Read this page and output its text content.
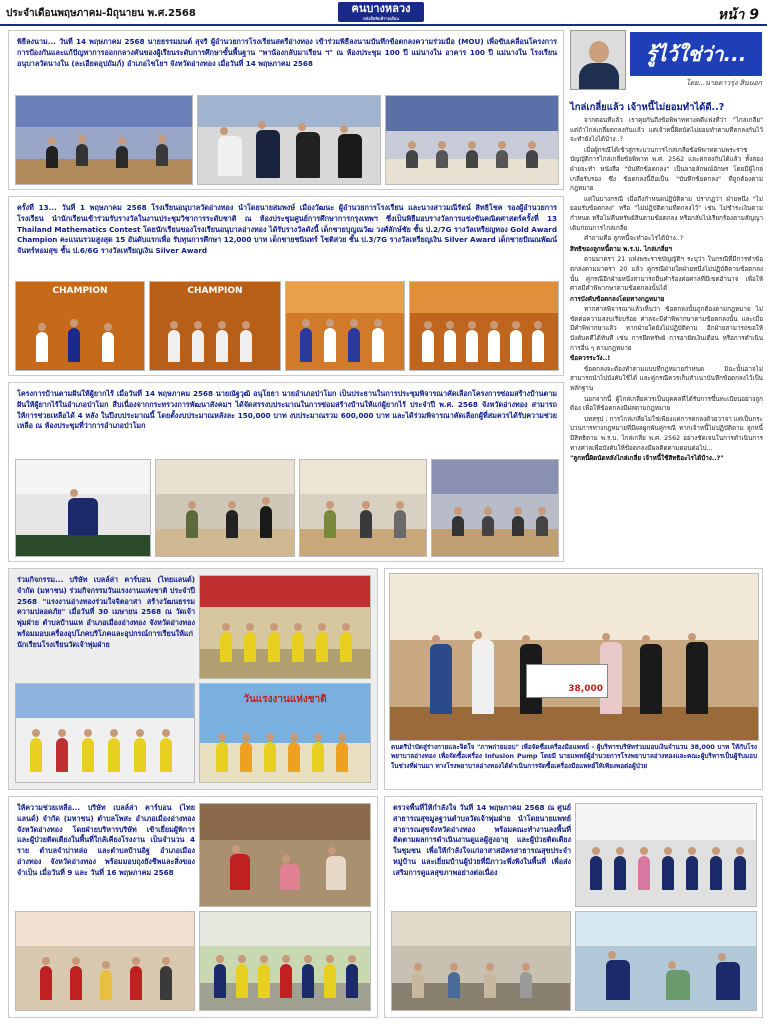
ประจำเดือนพฤษภาคม-มิถุนายน พ.ศ.2568	ฅนบางหลวง
หนังสือพิมพ์รายเดือน	หน้า 9
พิธีลงนาม... วันที่ 14 พฤษภาคม 2568 นายธรรมมนต์ สุจริ ผู้อำนวยการโรงเรียนสตรีอ่างทอง เข้าร่วมพิธีลงนามบันทึกข้อตกลงความร่วมมือ (MOU) เพื่อขับเคลื่อนโครงการการป้องกันและแก้ปัญหาการออกกลางคันของผู้เรียนระดับการศึกษาขั้นพื้นฐาน "พาน้องกลับมาเรียน ฯ" ณ ห้องประชุม 100 ปี แม่นางใน อาคาร 100 ปี แม่นางใน โรงเรียนอนุบาลวัดนางใน (ละเอียดอุปถัมภ์) อำเภอไชโยฯ จังหวัดอ่างทอง เมื่อวันที่ 14 พฤษภาคม 2568
ครั้งที่ 13... วันที่ 1 พฤษภาคม 2568 โรงเรียนอนุบาลวัดอ่างทอง นำโดยนายสมพงษ์ เมืองวัฒนะ ผู้อำนวยการโรงเรียน และนางสาวมณีรัตน์ สิทธิโชค รองผู้อำนวยการโรงเรียน นำนักเรียนเข้าร่วมรับรางวัลในงานประชุมวิชาการระดับชาติ ณ ห้องประชุมศูนย์การศึกษาการกรุงเทพฯ ซึ่งเป็นพิธีมอบรางวัลการแข่งขันคณิตศาสตร์ครั้งที่ 13 Thailand Mathematics Contest โดยนักเรียนของโรงเรียนอนุบาลอ่างทอง ได้รับรางวัลดังนี้ เด็กชายบุญณวัฒ วงศ์ลักษ์ชัย ชั้น ป.2/7G รางวัลเหรียญทอง Gold Award Champion คะแนนรวมสูงสุด 15 อันดับแรกเพื่อ รับทุนการศึกษา 12,000 บาท เด็กชายชนินทร์ โชติสวย ชั้น ป.3/7G รางวัลเหรียญเงิน Silver Award เด็กชายปัณณพัฒน์ จันทร์หอมสุข ชั้น ป.6/6G รางวัลเหรียญเงิน Silver Award
CHAMPION	CHAMPION
โครงการบ้านตามฝันให้ผู้ยากไร้ เมื่อวันที่ 14 พฤษภาคม 2568 นายณัฐวุฒิ อนุโยธา นายอำเภอป่าโมก เป็นประธานในการประชุมพิจารณาคัดเลือกโครงการซ่อมสร้างบ้านตามฝันให้ผู้ยากไร้ในอำเภอป่าโมก สืบเนื่องจากกระทรวงการพัฒนาสังคมฯ ได้จัดสรรงบประมาณในการซ่อมสร้างบ้านให้แก่ผู้ยากไร้ ประจำปี พ.ศ. 2568 จังหวัดอ่างทอง สามารถให้การช่วยเหลือได้ 4 หลัง ในปีงบประมาณนี้ โดยตั้งงบประมาณหลังละ 150,000 บาท งบประมาณรวม 600,000 บาท และได้ร่วมพิจารณาคัดเลือกผู้ที่สมควรได้รับความช่วยเหลือ ณ ห้องประชุมที่ว่าการอำเภอป่าโมก
รู้ไว้ใช่ว่า...
โดย...นายดาวรุ่ง สินนอก
ไกล่เกลี่ยแล้ว เจ้าหนี้ไม่ยอมทำได้ดี..?

จากตอนที่แล้ว เราคุยกันถึงข้อพิพาททางคดีแพ่งที่ว่า "ไกล่เกลี่ย" แต่ถ้าไกล่เกลี่ยตกลงกันแล้ว แต่เจ้าหนี้ผิดนัดไม่ยอมทำตามที่ตกลงกันไว้ จะทำยังไงได้บ้าง..?

เมื่อผู้กรณีได้เข้าสู่กระบวนการไกล่เกลี่ยข้อพิพาทตามพระราชบัญญัติการไกล่เกลี่ยข้อพิพาท พ.ศ. 2562 และตกลงกันได้แล้ว ทั้งสองฝ่ายจะทำ หนังสือ "บันทึกข้อตกลง" เป็นลายลักษณ์อักษร โดยมีผู้ไกล่เกลี่ยรับรอง ซึ่ง ข้อตกลงนี้ถือเป็น "บันทึกข้อตกลง" ที่ถูกต้องตามกฎหมาย

แต่ในบางกรณี เมื่อถึงกำหนดปฏิบัติตาม ปรากฏว่า ฝ่ายหนึ่ง "ไม่ยอมรับข้อตกลง" หรือ "ไม่ปฏิบัติตามที่ตกลงไว้" เช่น ไม่ชำระเงินตามกำหนด หรือไม่คืนทรัพย์สินตามข้อตกลง หรือกลับไปเรียกร้องตามสัญญาเดิมก่อนการไกล่เกลี่ย

คำถามคือ ลูกหนี้จะทำอะไรได้บ้าง..?

สิทธิของลูกหนี้ตาม พ.ร.บ. ไกล่เกลี่ยฯ

ตามมาตรา 21 แห่งพระราชบัญญัติฯ ระบุว่า ในกรณีที่มีการทำข้อตกลงตามมาตรา 20 แล้ว คู่กรณีฝ่ายใดฝ่ายหนึ่งไม่ปฏิบัติตามข้อตกลงนั้น คู่กรณีอีกฝ่ายหนึ่งสามารถยื่นคำร้องต่อศาลที่มีเขตอำนาจ เพื่อให้ศาลมีคำพิพากษาตามข้อตกลงนั้นได้

การบังคับข้อตกลงโดยทางกฎหมาย

หากศาลพิจารณาแล้วเห็นว่า ข้อตกลงนั้นถูกต้องตามกฎหมาย ไม่ขัดต่อความสงบเรียบร้อย ศาลจะมีคำพิพากษาตามข้อตกลงนั้น และเมื่อมีคำพิพากษาแล้ว หากฝ่ายใดยังไม่ปฏิบัติตาม อีกฝ่ายสามารถขอให้บังคับคดีได้ทันที เช่น การยึดทรัพย์ การอายัดเงินเดือน หรือการดำเนินการอื่น ๆ ตามกฎหมาย

ข้อควรระวัง..!

ข้อตกลงจะต้องทำตามแบบที่กฎหมายกำหนด มิฉะนั้นอาจไม่สามารถนำไปบังคับใช้ได้ และคู่กรณีควรเก็บสำเนาบันทึกข้อตกลงไว้เป็นหลักฐาน

นอกจากนี้ ผู้ไกล่เกลี่ยควรเป็นบุคคลที่ได้รับการขึ้นทะเบียนอย่างถูกต้อง เพื่อให้ข้อตกลงมีผลตามกฎหมาย

บทสรุป : การไกล่เกลี่ยไม่ใช่เพียงแค่การตกลงด้วยวาจา แต่เป็นกระบวนการทางกฎหมายที่มีผลผูกพันคู่กรณี หากเจ้าหนี้ไม่ปฏิบัติตาม ลูกหนี้มีสิทธิตาม พ.ร.บ. ไกล่เกลี่ย พ.ศ. 2562 อย่างชัดเจนในการดำเนินการทางศาลเพื่อบังคับให้ข้อตกลงมีผลติดตามตอนต่อไป...

"ลูกหนี้ผิดนัดหลังไกล่เกลี่ย เจ้าหนี้ใช้สิทธิอะไรได้บ้าง..?"

ร่วมกิจกรรม... บริษัท เบลล์ล่า คาร์บอน (ไทยแลนด์) จำกัด (มหาชน) ร่วมกิจกรรมวันแรงงานแห่งชาติ ประจำปี 2568 "แรงงานอ่างทองร่วมใจจิตอาสา สร้างวัฒนธรรมความปลอดภัย" เมื่อวันที่ 30 เมษายน 2568 ณ วัดเจ้าพุ่มฝ่าย ตำบลบ้านแห อำเภอเมืองอ่างทอง จังหวัดอ่างทอง พร้อมมอบเครื่องอุปโภคบริโภคและอุปกรณ์การเรียนให้แก่นักเรียนโรงเรียนวัดเจ้าพุ่มฝ่าย
วันแรงงานแห่งชาติ
38,000
ดนตรีบำบัดสู่ร่างกายและจิตใจ "ภาพถ่ายมอบ" เพื่อจัดซื้อเครื่องมือแพทย์ - ผู้บริหารบริษัทร่วมมอบเงินจำนวน 38,000 บาท ให้กับโรงพยาบาลอ่างทอง เพื่อจัดซื้อเครื่อง Infusion Pump โดยมี นายแพทย์ผู้อำนวยการโรงพยาบาลอ่างทองและคณะผู้บริหารเป็นผู้รับมอบ ในช่วงที่ผ่านมา ทางโรงพยาบาลอ่างทองได้ดำเนินการจัดซื้อเครื่องมือแพทย์ให้เพียงพอต่อผู้ป่วย
ให้ความช่วยเหลือ... บริษัท เบลล์ล่า คาร์บอน (ไทยแลนด์) จำกัด (มหาชน) ตำบลโพสะ อำเภอเมืองอ่างทอง จังหวัดอ่างทอง โดยฝ่ายบริหารบริษัท เข้าเยี่ยมผู้พิการ และผู้ป่วยติดเตียงในพื้นที่ใกล้เคียงโรงงาน เป็นจำนวน 4 ราย ตำบลจำปาหล่อ และตำบลบ้านอิฐ อำเภอเมืองอ่างทอง จังหวัดอ่างทอง พร้อมมอบถุงยังชีพและสิ่งของจำเป็น เมื่อวันที่ 9 และ วันที่ 16 พฤษภาคม 2568
ตรวจพื้นที่ให้กำลังใจ วันที่ 14 พฤษภาคม 2568 ณ ศูนย์สาธารณสุขมูลฐานตำบลวัดเจ้าพุ่มฝ่าย นำโดยนายแพทย์สาธารณสุขจังหวัดอ่างทอง พร้อมคณะทำงานลงพื้นที่ติดตามผลการดำเนินงานดูแลผู้สูงอายุ และผู้ป่วยติดเตียงในชุมชน เพื่อให้กำลังใจแก่อาสาสมัครสาธารณสุขประจำหมู่บ้าน และเยี่ยมบ้านผู้ป่วยที่มีภาวะพึ่งพิงในพื้นที่ เพื่อส่งเสริมการดูแลสุขภาพอย่างต่อเนื่อง
